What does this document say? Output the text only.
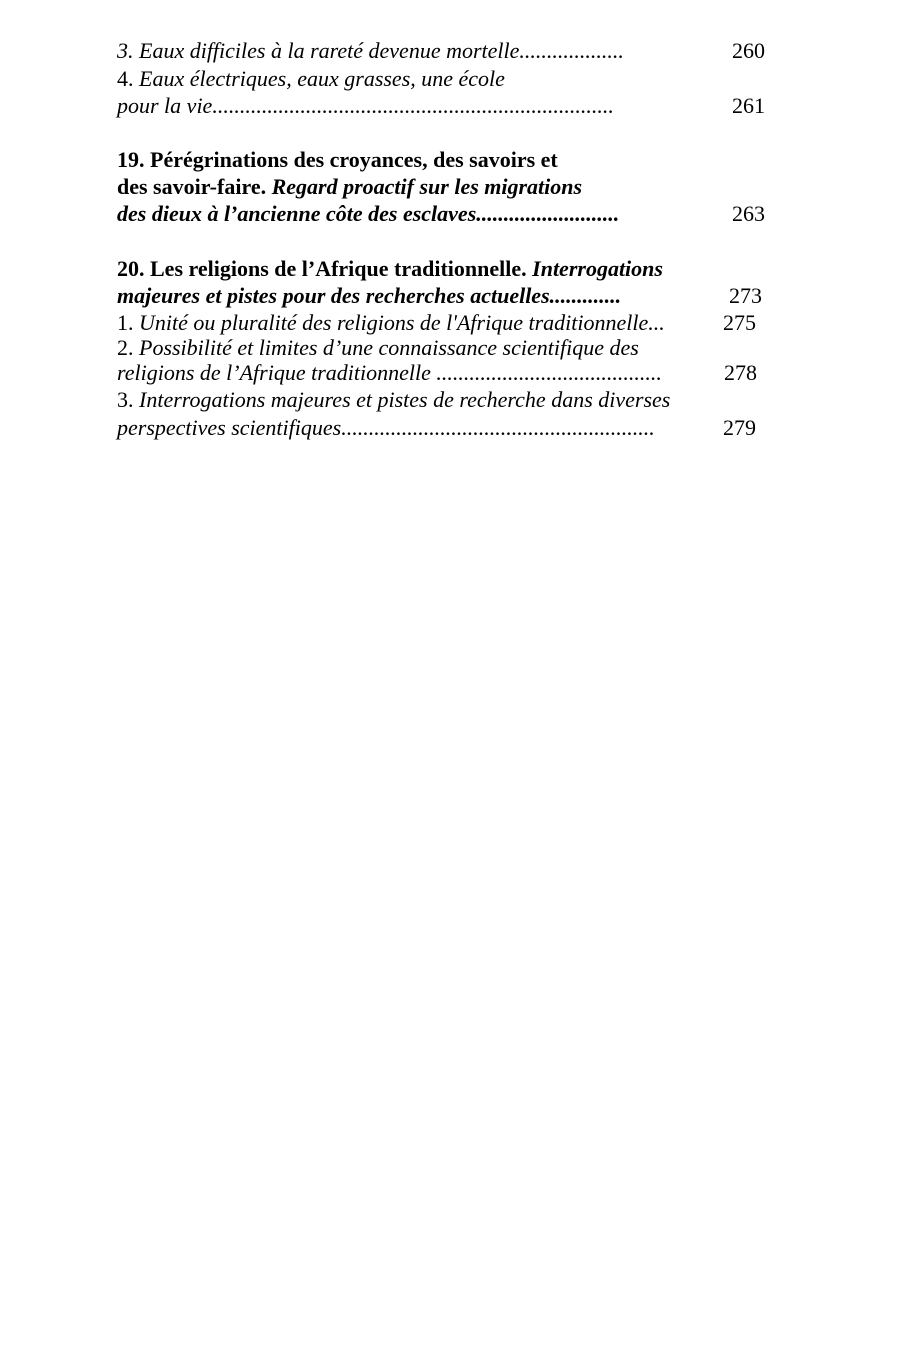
3. Eaux difficiles à la rareté devenue mortelle...................	260
4. Eaux électriques, eaux grasses, une école
pour la vie.........................................................................	261
19. Pérégrinations des croyances, des savoirs et
des savoir-faire. Regard proactif sur les migrations
des dieux à l’ancienne côte des esclaves..........................	263
20. Les religions de l’Afrique traditionnelle. Interrogations
majeures et pistes pour des recherches actuelles.............	273
1. Unité ou pluralité des religions de lʹAfrique traditionnelle...	275
2. Possibilité et limites d’une connaissance scientifique des
religions de l’Afrique traditionnelle .........................................	278
3. Interrogations majeures et pistes de recherche dans diverses
perspectives scientifiques.........................................................	279
